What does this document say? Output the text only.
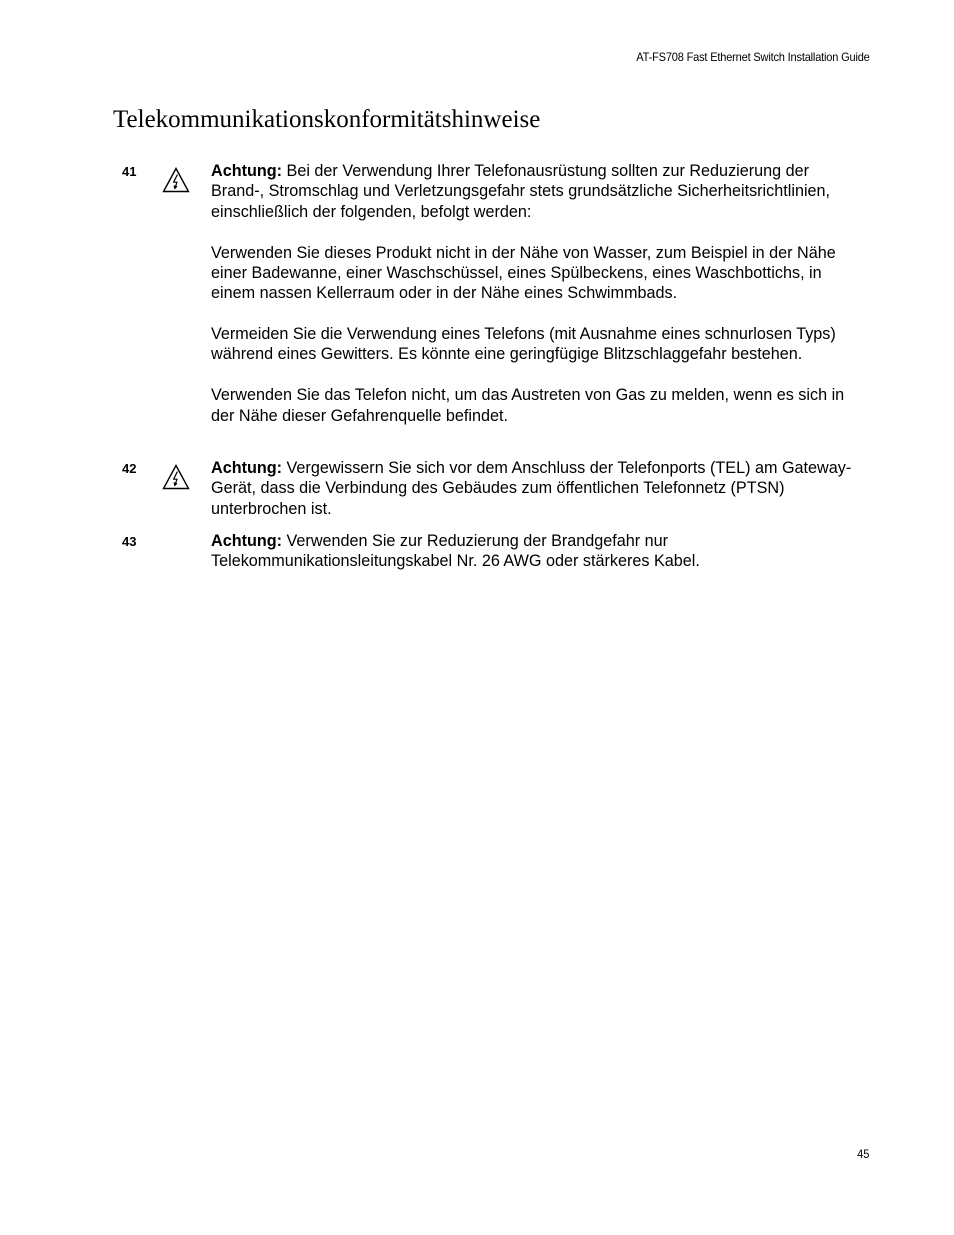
AT-FS708 Fast Ethernet Switch Installation Guide
Telekommunikationskonformitätshinweise
41	Achtung: Bei der Verwendung Ihrer Telefonausrüstung sollten zur Reduzierung der Brand-, Stromschlag und Verletzungsgefahr stets grundsätzliche Sicherheitsrichtlinien, einschließlich der folgenden, befolgt werden:

Verwenden Sie dieses Produkt nicht in der Nähe von Wasser, zum Beispiel in der Nähe einer Badewanne, einer Waschschüssel, eines Spülbeckens, eines Waschbottichs, in einem nassen Kellerraum oder in der Nähe eines Schwimmbads.

Vermeiden Sie die Verwendung eines Telefons (mit Ausnahme eines schnurlosen Typs) während eines Gewitters. Es könnte eine geringfügige Blitzschlaggefahr bestehen.

Verwenden Sie das Telefon nicht, um das Austreten von Gas zu melden, wenn es sich in der Nähe dieser Gefahrenquelle befindet.

42	Achtung: Vergewissern Sie sich vor dem Anschluss der Telefonports (TEL) am Gateway-Gerät, dass die Verbindung des Gebäudes zum öffentlichen Telefonnetz (PTSN) unterbrochen ist.

43	Achtung: Verwenden Sie zur Reduzierung der Brandgefahr nur Telekommunikationsleitungskabel Nr. 26 AWG oder stärkeres Kabel.

45
